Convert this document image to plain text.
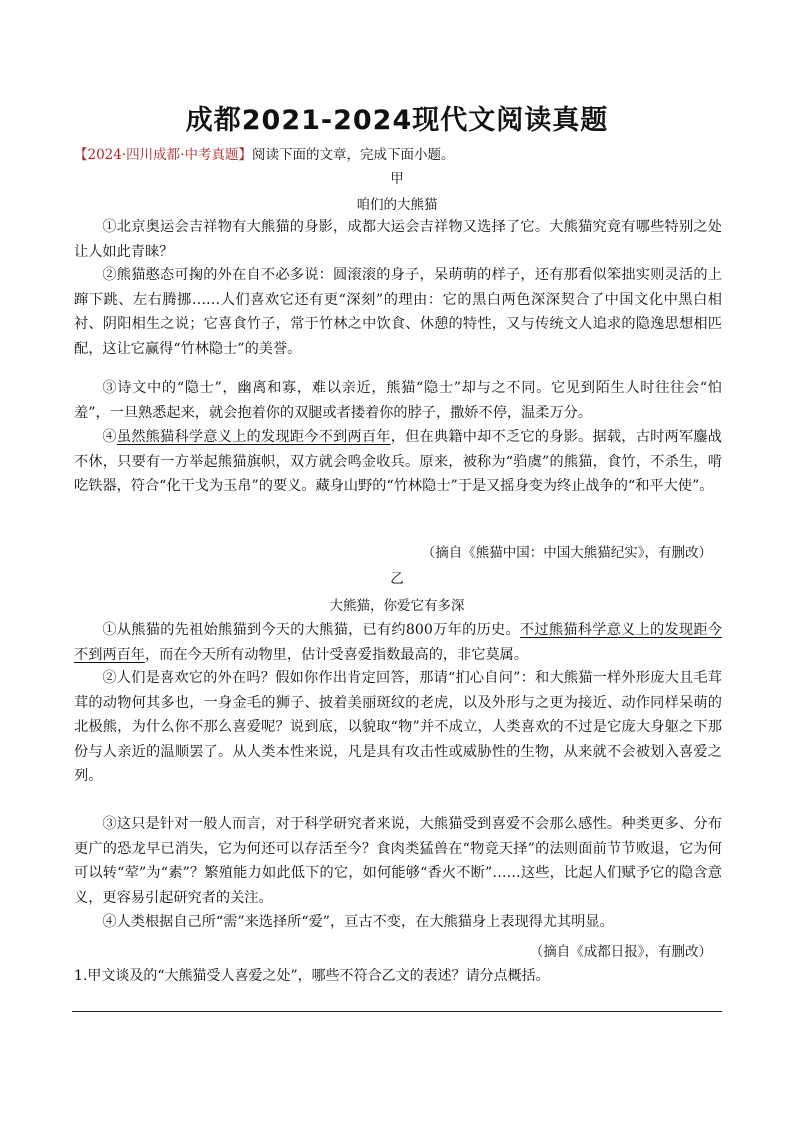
成都2021-2024现代文阅读真题
【2024·四川成都·中考真题】阅读下面的文章，完成下面小题。
甲
咱们的大熊猫
①北京奥运会吉祥物有大熊猫的身影，成都大运会吉祥物又选择了它。大熊猫究竟有哪些特别之处让人如此青睐？
②熊猫憨态可掬的外在自不必多说：圆滚滚的身子，呆萌萌的样子，还有那看似笨拙实则灵活的上蹿下跳、左右腾挪……人们喜欢它还有更“深刻”的理由：它的黑白两色深深契合了中国文化中黑白相衬、阴阳相生之说；它喜食竹子，常于竹林之中饮食、休憩的特性，又与传统文人追求的隐逸思想相匹配，这让它赢得“竹林隐士”的美誉。
③诗文中的“隐士”，幽离和寡，难以亲近，熊猫“隐士”却与之不同。它见到陌生人时往往会“怕羞”，一旦熟悉起来，就会抱着你的双腿或者搂着你的脖子，撒娇不停，温柔万分。
④虽然熊猫科学意义上的发现距今不到两百年，但在典籍中却不乏它的身影。据载，古时两军鏖战不休，只要有一方举起熊猫旗帜，双方就会鸣金收兵。原来，被称为“驺虞”的熊猫，食竹，不杀生，啃吃铁器，符合“化干戈为玉帛”的要义。藏身山野的“竹林隐士”于是又摇身变为终止战争的“和平大使”。
（摘自《熊猫中国：中国大熊猫纪实》，有删改）
乙
大熊猫，你爱它有多深
①从熊猫的先祖始熊猫到今天的大熊猫，已有约800万年的历史。不过熊猫科学意义上的发现距今不到两百年，而在今天所有动物里，估计受喜爱指数最高的，非它莫属。
②人们是喜欢它的外在吗？假如你作出肯定回答，那请“扪心自问”：和大熊猫一样外形庞大且毛茸茸的动物何其多也，一身金毛的狮子、披着美丽斑纹的老虎，以及外形与之更为接近、动作同样呆萌的北极熊，为什么你不那么喜爱呢？说到底，以貌取“物”并不成立，人类喜欢的不过是它庞大身躯之下那份与人亲近的温顺罢了。从人类本性来说，凡是具有攻击性或威胁性的生物，从来就不会被划入喜爱之列。
③这只是针对一般人而言，对于科学研究者来说，大熊猫受到喜爱不会那么感性。种类更多、分布更广的恐龙早已消失，它为何还可以存活至今？食肉类猛兽在“物竞天择”的法则面前节节败退，它为何可以转“荤”为“素”？繁殖能力如此低下的它，如何能够“香火不断”……这些，比起人们赋予它的隐含意义，更容易引起研究者的关注。
④人类根据自己所“需”来选择所“爱”，亘古不变，在大熊猫身上表现得尤其明显。
（摘自《成都日报》，有删改）
1.甲文谈及的“大熊猫受人喜爱之处”，哪些不符合乙文的表述？请分点概括。
